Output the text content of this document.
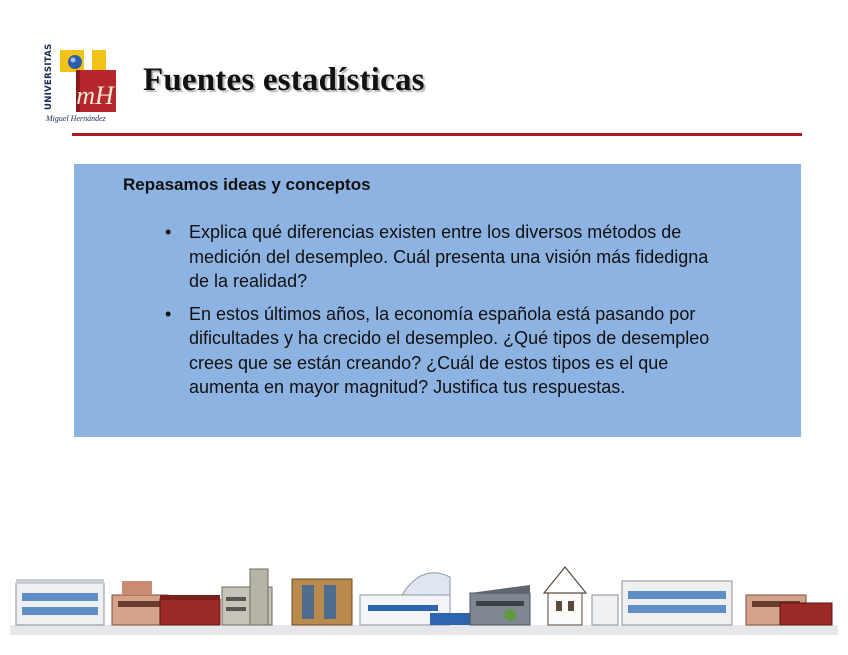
UNIVERSITAS mH
Miguel Hernández
Fuentes estadísticas
Repasamos ideas y conceptos
• Explica qué diferencias existen entre los diversos métodos de
medición del desempleo. Cuál presenta una visión más fidedigna
de la realidad?
• En estos últimos años, la economía española está pasando por
dificultades y ha crecido el desempleo. ¿Qué tipos de desempleo
crees que se están creando? ¿Cuál de estos tipos es el que
aumenta en mayor magnitud? Justifica tus respuestas.
